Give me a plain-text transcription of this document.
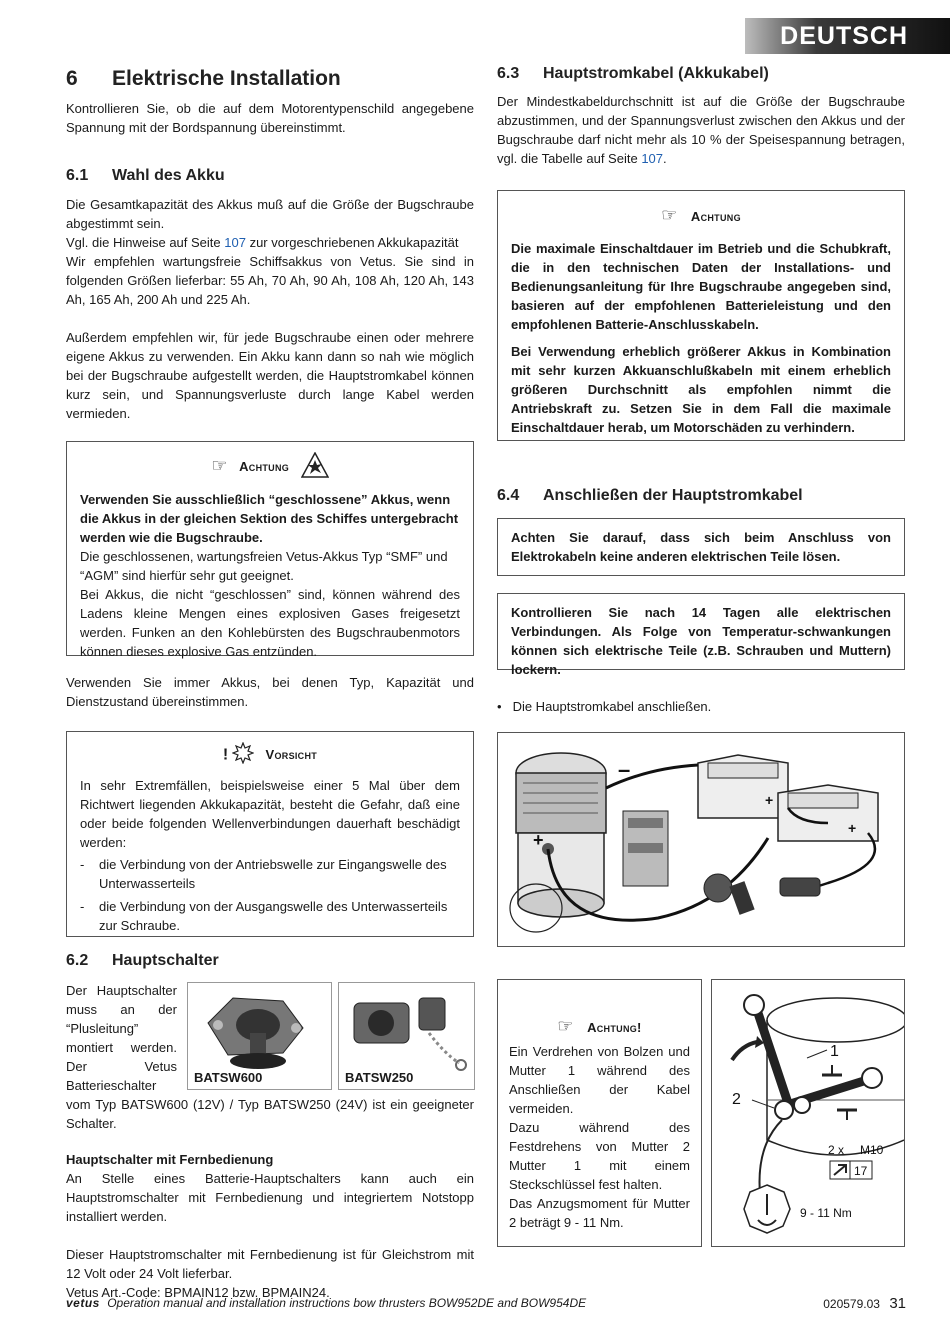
DEUTSCH
6 Elektrische Installation

Kontrollieren Sie, ob die auf dem Motorentypenschild angegebene Spannung mit der Bordspannung übereinstimmt.

6.1 Wahl des Akku

Die Gesamtkapazität des Akkus muß auf die Größe der Bugschraube abgestimmt sein.

Vgl. die Hinweise auf Seite 107 zur vorgeschriebenen Akkukapazität

Wir empfehlen wartungsfreie Schiffsakkus von Vetus. Sie sind in folgenden Größen lieferbar: 55 Ah, 70 Ah, 90 Ah, 108 Ah, 120 Ah, 143 Ah, 165 Ah, 200 Ah und 225 Ah.

Außerdem empfehlen wir, für jede Bugschraube einen oder mehrere eigene Akkus zu verwenden. Ein Akku kann dann so nah wie möglich bei der Bugschraube aufgestellt werden, die Hauptstromkabel können kurz sein, und Spannungsverluste durch lange Kabel werden vermieden.

☞ Achtung

Verwenden Sie ausschließlich “geschlossene” Akkus, wenn die Akkus in der gleichen Sektion des Schiffes untergebracht werden wie die Bugschraube.

Die geschlossenen, wartungsfreien Vetus-Akkus Typ “SMF” und “AGM” sind hierfür sehr gut geeignet.

Bei Akkus, die nicht “geschlossen” sind, können während des Ladens kleine Mengen eines explosiven Gases freigesetzt werden. Funken an den Kohlebürsten des Bugschraubenmotors können dieses explosive Gas entzünden.

Verwenden Sie immer Akkus, bei denen Typ, Kapazität und Dienstzustand übereinstimmen.

!	Vorsicht

In sehr Extremfällen, beispielsweise einer 5 Mal über dem Richtwert liegenden Akkukapazität, besteht die Gefahr, daß eine oder beide folgenden Wellenverbindungen dauerhaft beschädigt werden:

- die Verbindung von der Antriebswelle zur Eingangswelle des Unterwasserteils
- die Verbindung von der Ausgangswelle des Unterwasserteils zur Schraube.
6.2 Hauptschalter

Der Hauptschalter muss an der “Plusleitung” montiert werden. Der Vetus Batterieschalter vom Typ BATSW600 (12V) / Typ BATSW250 (24V) ist ein geeigneter Schalter.

BATSW600	BATSW250

Hauptschalter mit Fernbedienung

An Stelle eines Batterie-Hauptschalters kann auch ein Hauptstromschalter mit Fernbedienung und integriertem Notstopp installiert werden.

Dieser Hauptstromschalter mit Fernbedienung ist für Gleichstrom mit 12 Volt oder 24 Volt lieferbar.

Vetus Art.-Code: BPMAIN12 bzw. BPMAIN24.

6.3 Hauptstromkabel (Akkukabel)

Der Mindestkabeldurchschnitt ist auf die Größe der Bugschraube abzustimmen, und der Spannungsverlust zwischen den Akkus und der Bugschraube darf nicht mehr als 10 % der Speisespannung betragen, vgl. die Tabelle auf Seite 107.

☞ Achtung

Die maximale Einschaltdauer im Betrieb und die Schubkraft, die in den technischen Daten der Installations- und Bedienungsanleitung für Ihre Bugschraube angegeben sind, basieren auf der empfohlenen Batterieleistung und den empfohlenen Batterie-Anschlusskabeln.

Bei Verwendung erheblich größerer Akkus in Kombination mit sehr kurzen Akkuanschlußkabeln mit einem erheblich größeren Durchschnitt als empfohlen nimmt die Antriebskraft zu. Setzen Sie in dem Fall die maximale Einschaltdauer herab, um Motorschäden zu verhindern.

6.4 Anschließen der Hauptstromkabel

Achten Sie darauf, dass sich beim Anschluss von Elektrokabeln keine anderen elektrischen Teile lösen.

Kontrollieren Sie nach 14 Tagen alle elektrischen Verbindungen. Als Folge von Temperatur-schwankungen können sich elektrische Teile (z.B. Schrauben und Muttern) lockern.

• Die Hauptstromkabel anschließen.

+
–
+
+
☞ Achtung!

Ein Verdrehen von Bolzen und Mutter 1 während des Anschließen der Kabel vermeiden.

Dazu während des Festdrehens von Mutter 2 Mutter 1 mit einem Steckschlüssel fest halten.

Das Anzugsmoment für Mutter 2 beträgt 9 - 11 Nm.

1
2
2 x M10
17
9 - 11 Nm
vetus Operation manual and installation instructions bow thrusters BOW952DE and BOW954DE	020579.03 31
